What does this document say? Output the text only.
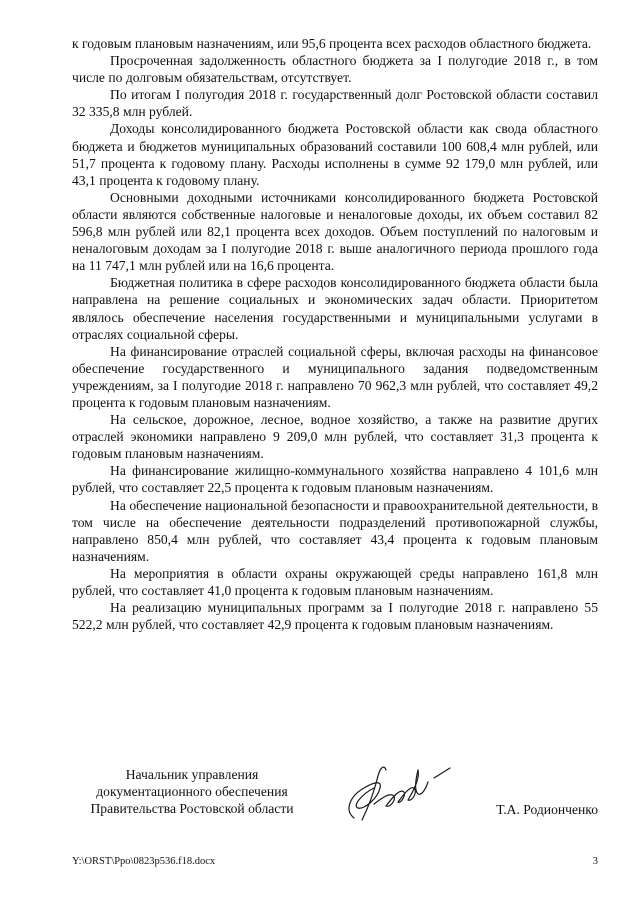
к годовым плановым назначениям, или 95,6 процента всех расходов областного бюджета.

Просроченная задолженность областного бюджета за I полугодие 2018 г., в том числе по долговым обязательствам, отсутствует.

По итогам I полугодия 2018 г. государственный долг Ростовской области составил 32 335,8 млн рублей.

Доходы консолидированного бюджета Ростовской области как свода областного бюджета и бюджетов муниципальных образований составили 100 608,4 млн рублей, или 51,7 процента к годовому плану. Расходы исполнены в сумме 92 179,0 млн рублей, или 43,1 процента к годовому плану.

Основными доходными источниками консолидированного бюджета Ростовской области являются собственные налоговые и неналоговые доходы, их объем составил 82 596,8 млн рублей или 82,1 процента всех доходов. Объем поступлений по налоговым и неналоговым доходам за I полугодие 2018 г. выше аналогичного периода прошлого года на 11 747,1 млн рублей или на 16,6 процента.

Бюджетная политика в сфере расходов консолидированного бюджета области была направлена на решение социальных и экономических задач области. Приоритетом являлось обеспечение населения государственными и муниципальными услугами в отраслях социальной сферы.

На финансирование отраслей социальной сферы, включая расходы на финансовое обеспечение государственного и муниципального задания подведомственным учреждениям, за I полугодие 2018 г. направлено 70 962,3 млн рублей, что составляет 49,2 процента к годовым плановым назначениям.

На сельское, дорожное, лесное, водное хозяйство, а также на развитие других отраслей экономики направлено 9 209,0 млн рублей, что составляет 31,3 процента к годовым плановым назначениям.

На финансирование жилищно-коммунального хозяйства направлено 4 101,6 млн рублей, что составляет 22,5 процента к годовым плановым назначениям.

На обеспечение национальной безопасности и правоохранительной деятельности, в том числе на обеспечение деятельности подразделений противопожарной службы, направлено 850,4 млн рублей, что составляет 43,4 процента к годовым плановым назначениям.

На мероприятия в области охраны окружающей среды направлено 161,8 млн рублей, что составляет 41,0 процента к годовым плановым назначениям.

На реализацию муниципальных программ за I полугодие 2018 г. направлено 55 522,2 млн рублей, что составляет 42,9 процента к годовым плановым назначениям.

Начальник управления
документационного обеспечения
Правительства Ростовской области	Т.А. Родионченко
Y:\ORST\Ppo\0823p536.f18.docx	3
